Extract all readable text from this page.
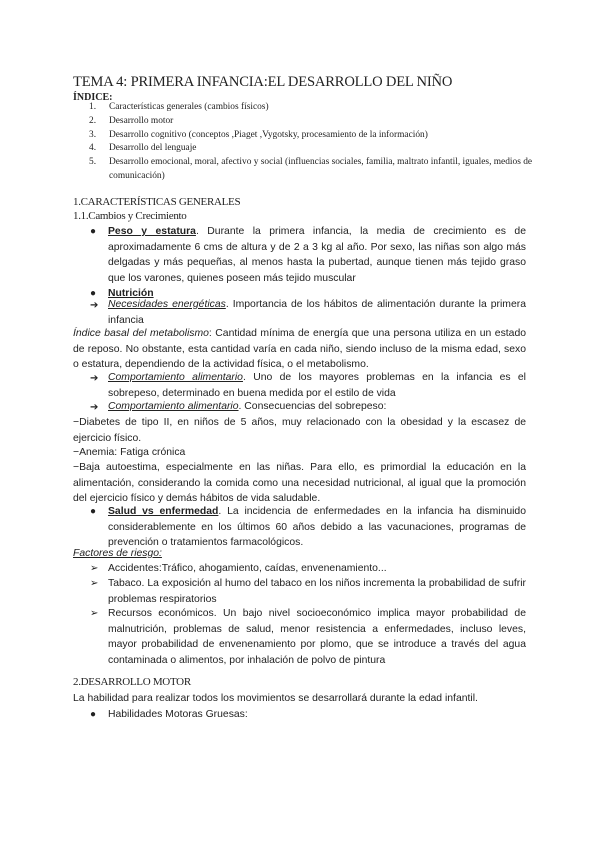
TEMA 4: PRIMERA INFANCIA:EL DESARROLLO DEL NIÑO
ÍNDICE:
1. Características generales (cambios físicos)
2. Desarrollo motor
3. Desarrollo cognitivo (conceptos ,Piaget ,Vygotsky, procesamiento de la información)
4. Desarrollo del lenguaje
5. Desarrollo emocional, moral, afectivo y social (influencias sociales, familia, maltrato infantil, iguales, medios de comunicación)
1.CARACTERÍSTICAS GENERALES
1.1.Cambios y Crecimiento
● Peso y estatura. Durante la primera infancia, la media de crecimiento es de aproximadamente 6 cms de altura y de 2 a 3 kg al año. Por sexo, las niñas son algo más delgadas y más pequeñas, al menos hasta la pubertad, aunque tienen más tejido graso que los varones, quienes poseen más tejido muscular
● Nutrición
➔ Necesidades energéticas. Importancia de los hábitos de alimentación durante la primera infancia
Índice basal del metabolismo: Cantidad mínima de energía que una persona utiliza en un estado de reposo. No obstante, esta cantidad varía en cada niño, siendo incluso de la misma edad, sexo o estatura, dependiendo de la actividad física, o el metabolismo.
➔ Comportamiento alimentario. Uno de los mayores problemas en la infancia es el sobrepeso, determinado en buena medida por el estilo de vida
➔ Comportamiento alimentario. Consecuencias del sobrepeso:
−Diabetes de tipo II, en niños de 5 años, muy relacionado con la obesidad y la escasez de ejercicio físico.
−Anemia: Fatiga crónica
−Baja autoestima, especialmente en las niñas. Para ello, es primordial la educación en la alimentación, considerando la comida como una necesidad nutricional, al igual que la promoción del ejercicio físico y demás hábitos de vida saludable.
● Salud vs enfermedad. La incidencia de enfermedades en la infancia ha disminuido considerablemente en los últimos 60 años debido a las vacunaciones, programas de prevención o tratamientos farmacológicos.
Factores de riesgo:
➢ Accidentes:Tráfico, ahogamiento, caídas, envenenamiento...
➢ Tabaco. La exposición al humo del tabaco en los niños incrementa la probabilidad de sufrir problemas respiratorios
➢ Recursos económicos. Un bajo nivel socioeconómico implica mayor probabilidad de malnutrición, problemas de salud, menor resistencia a enfermedades, incluso leves, mayor probabilidad de envenenamiento por plomo, que se introduce a través del agua contaminada o alimentos, por inhalación de polvo de pintura
2.DESARROLLO MOTOR
La habilidad para realizar todos los movimientos se desarrollará durante la edad infantil.
● Habilidades Motoras Gruesas:
